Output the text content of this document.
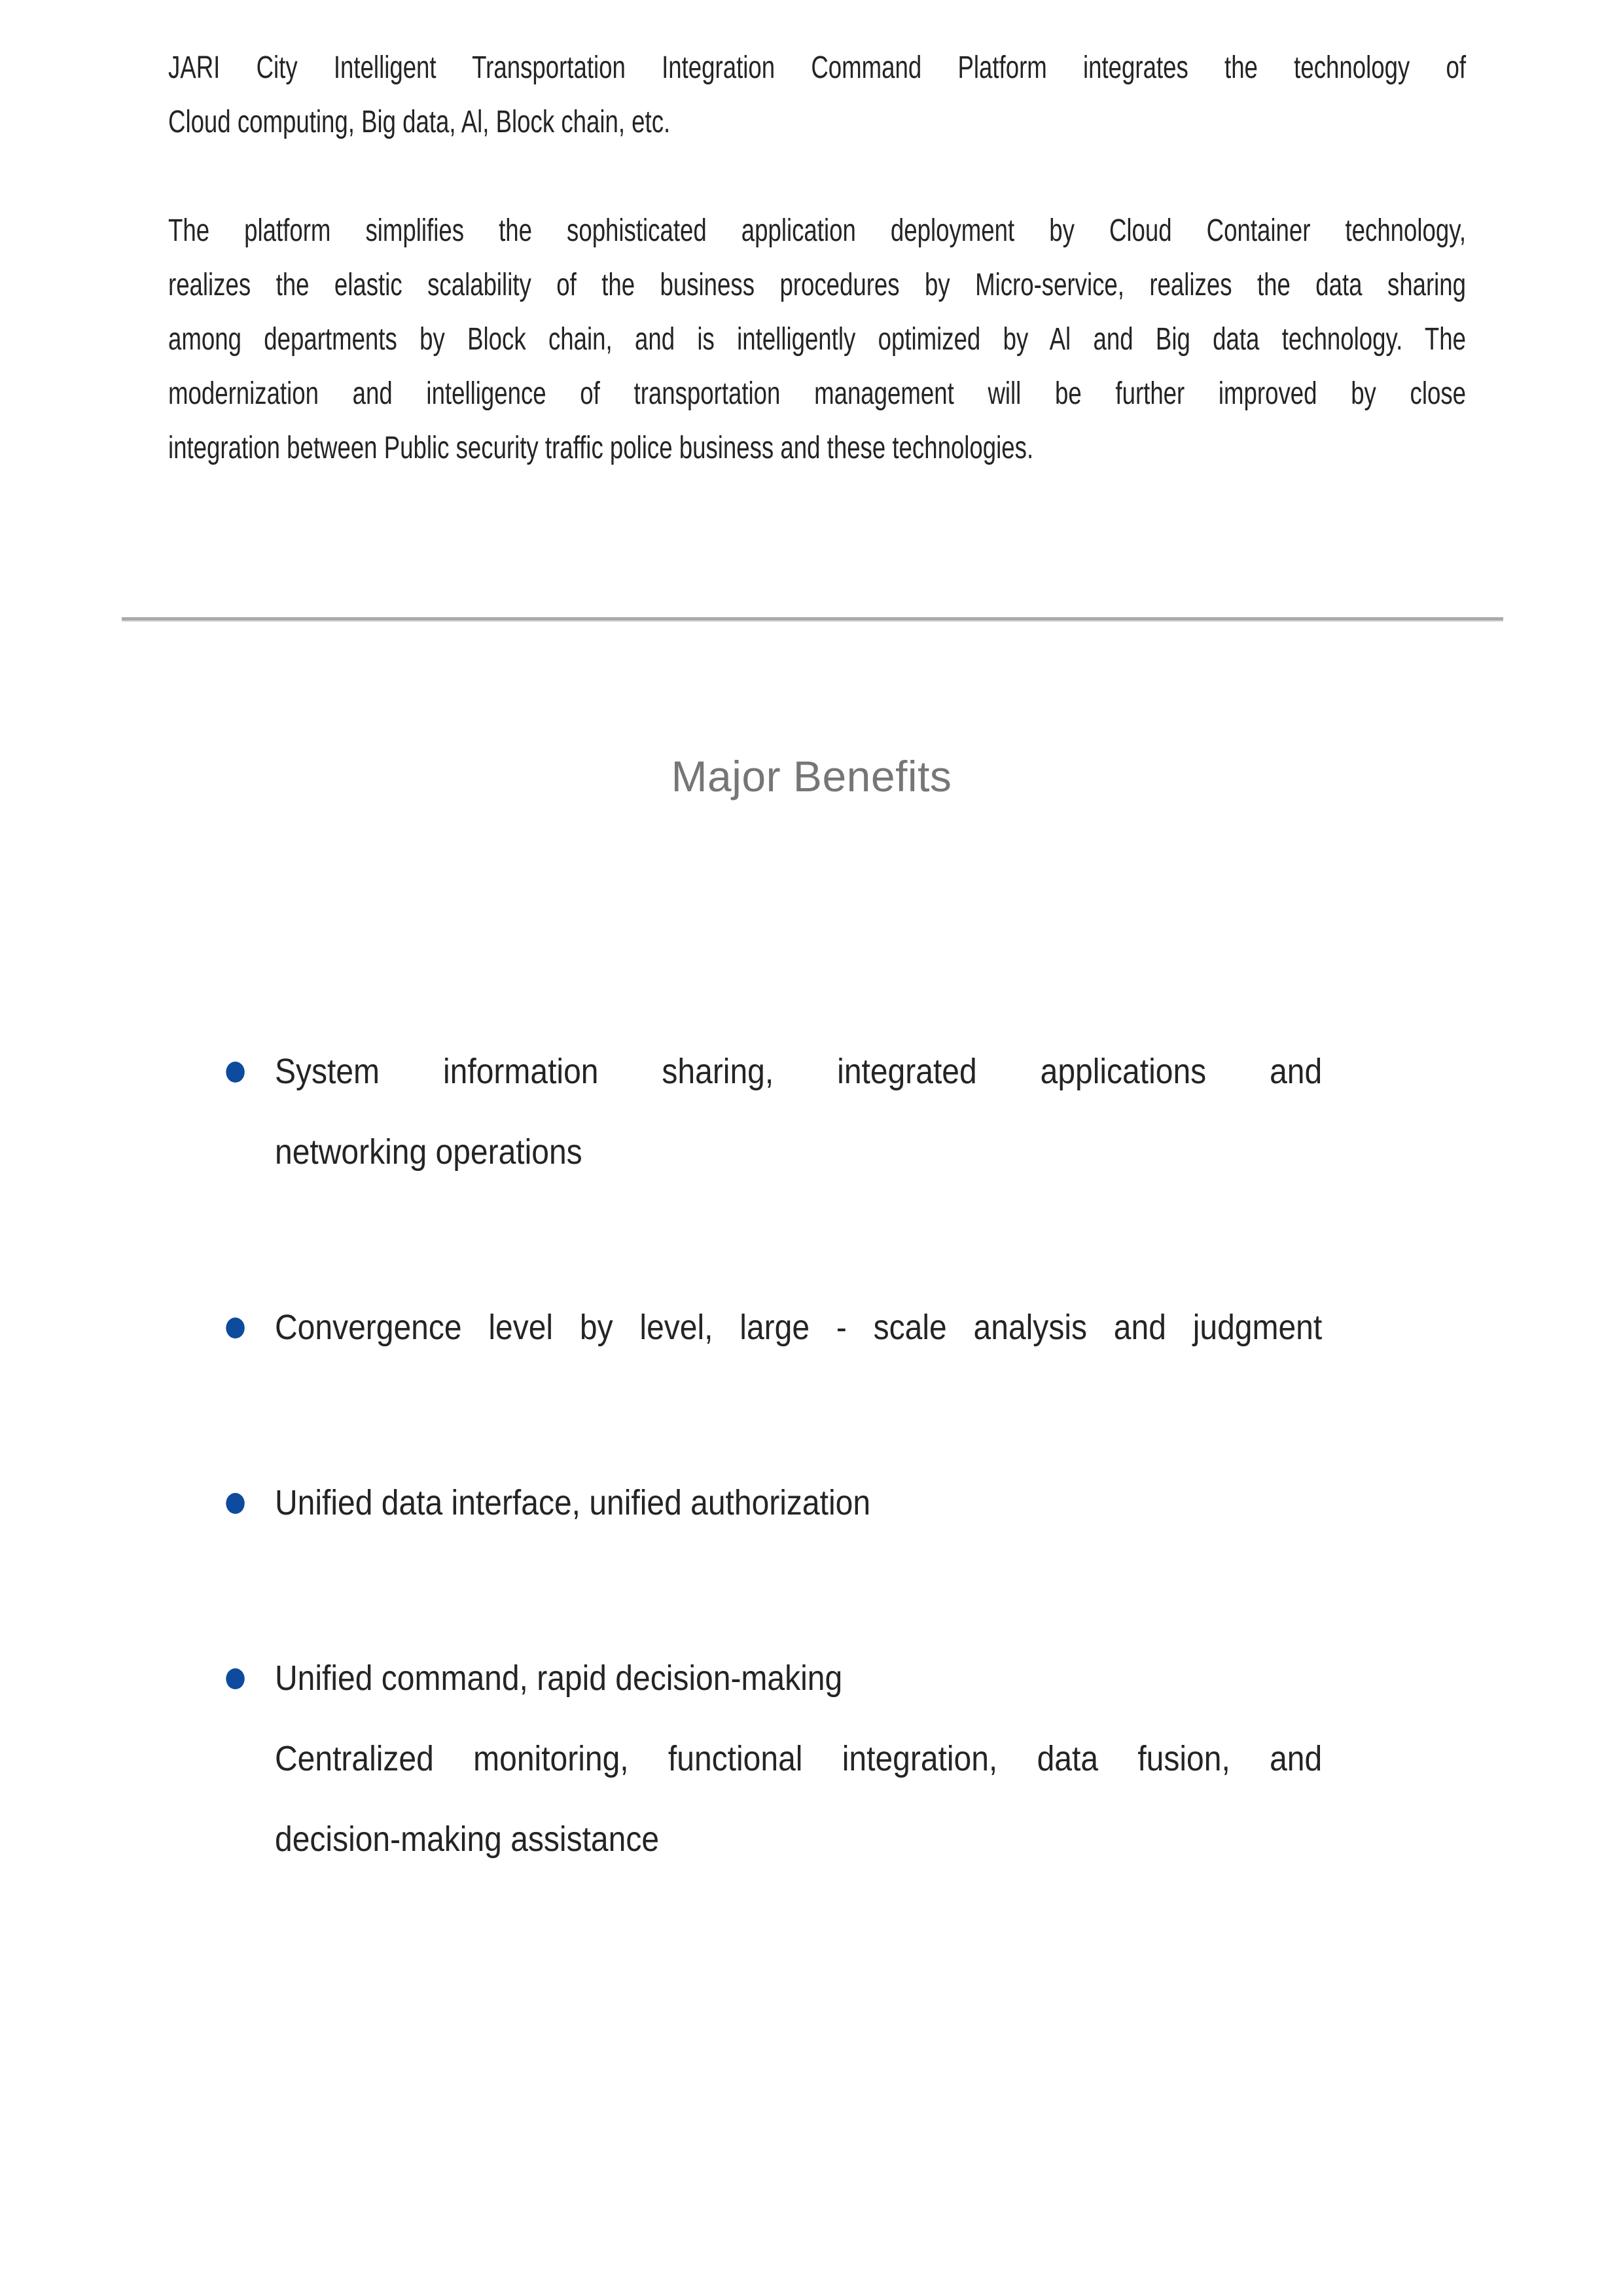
JARI City Intelligent Transportation Integration Command Platform integrates the technology of
Cloud computing, Big data, Al, Block chain, etc.
The platform simplifies the sophisticated application deployment by Cloud Container technology,
realizes the elastic scalability of the business procedures by Micro-service, realizes the data sharing
among departments by Block chain, and is intelligently optimized by Al and Big data technology. The
modernization and intelligence of transportation management will be further improved by close
integration between Public security traffic police business and these technologies.
Major Benefits
System information sharing, integrated applications and
networking operations
Convergence level by level, large - scale analysis and judgment
Unified data interface, unified authorization
Unified command, rapid decision-making
Centralized monitoring, functional integration, data fusion, and
decision-making assistance
